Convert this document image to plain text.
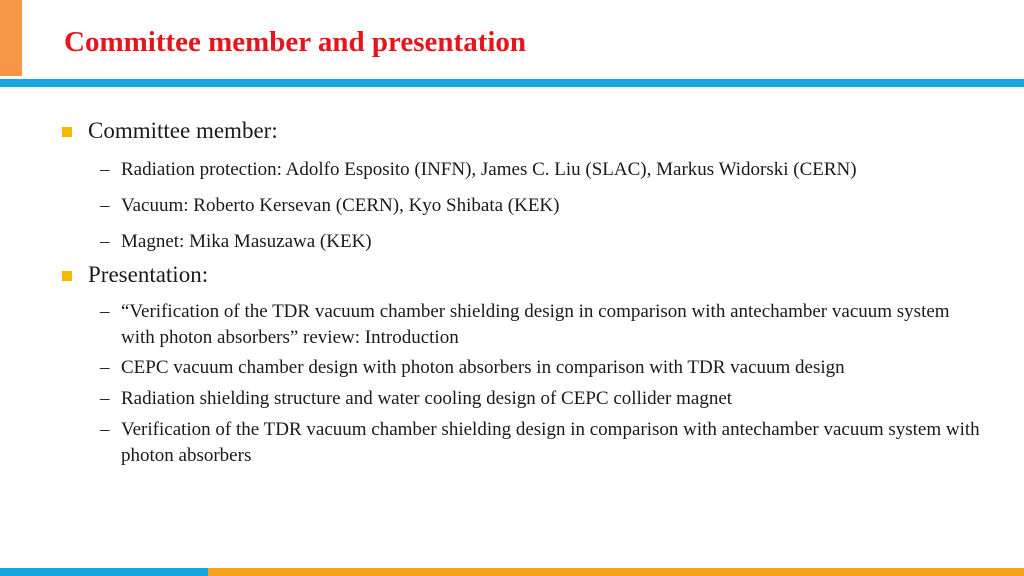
Committee member and presentation
Committee member:
– Radiation protection: Adolfo Esposito (INFN), James C. Liu (SLAC), Markus Widorski (CERN)
– Vacuum: Roberto Kersevan (CERN), Kyo Shibata (KEK)
– Magnet: Mika Masuzawa (KEK)
Presentation:
– “Verification of the TDR vacuum chamber shielding design in comparison with antechamber vacuum system with photon absorbers” review: Introduction
– CEPC vacuum chamber design with photon absorbers in comparison with TDR vacuum design
– Radiation shielding structure and water cooling design of CEPC collider magnet
– Verification of the TDR vacuum chamber shielding design in comparison with antechamber vacuum system with photon absorbers
